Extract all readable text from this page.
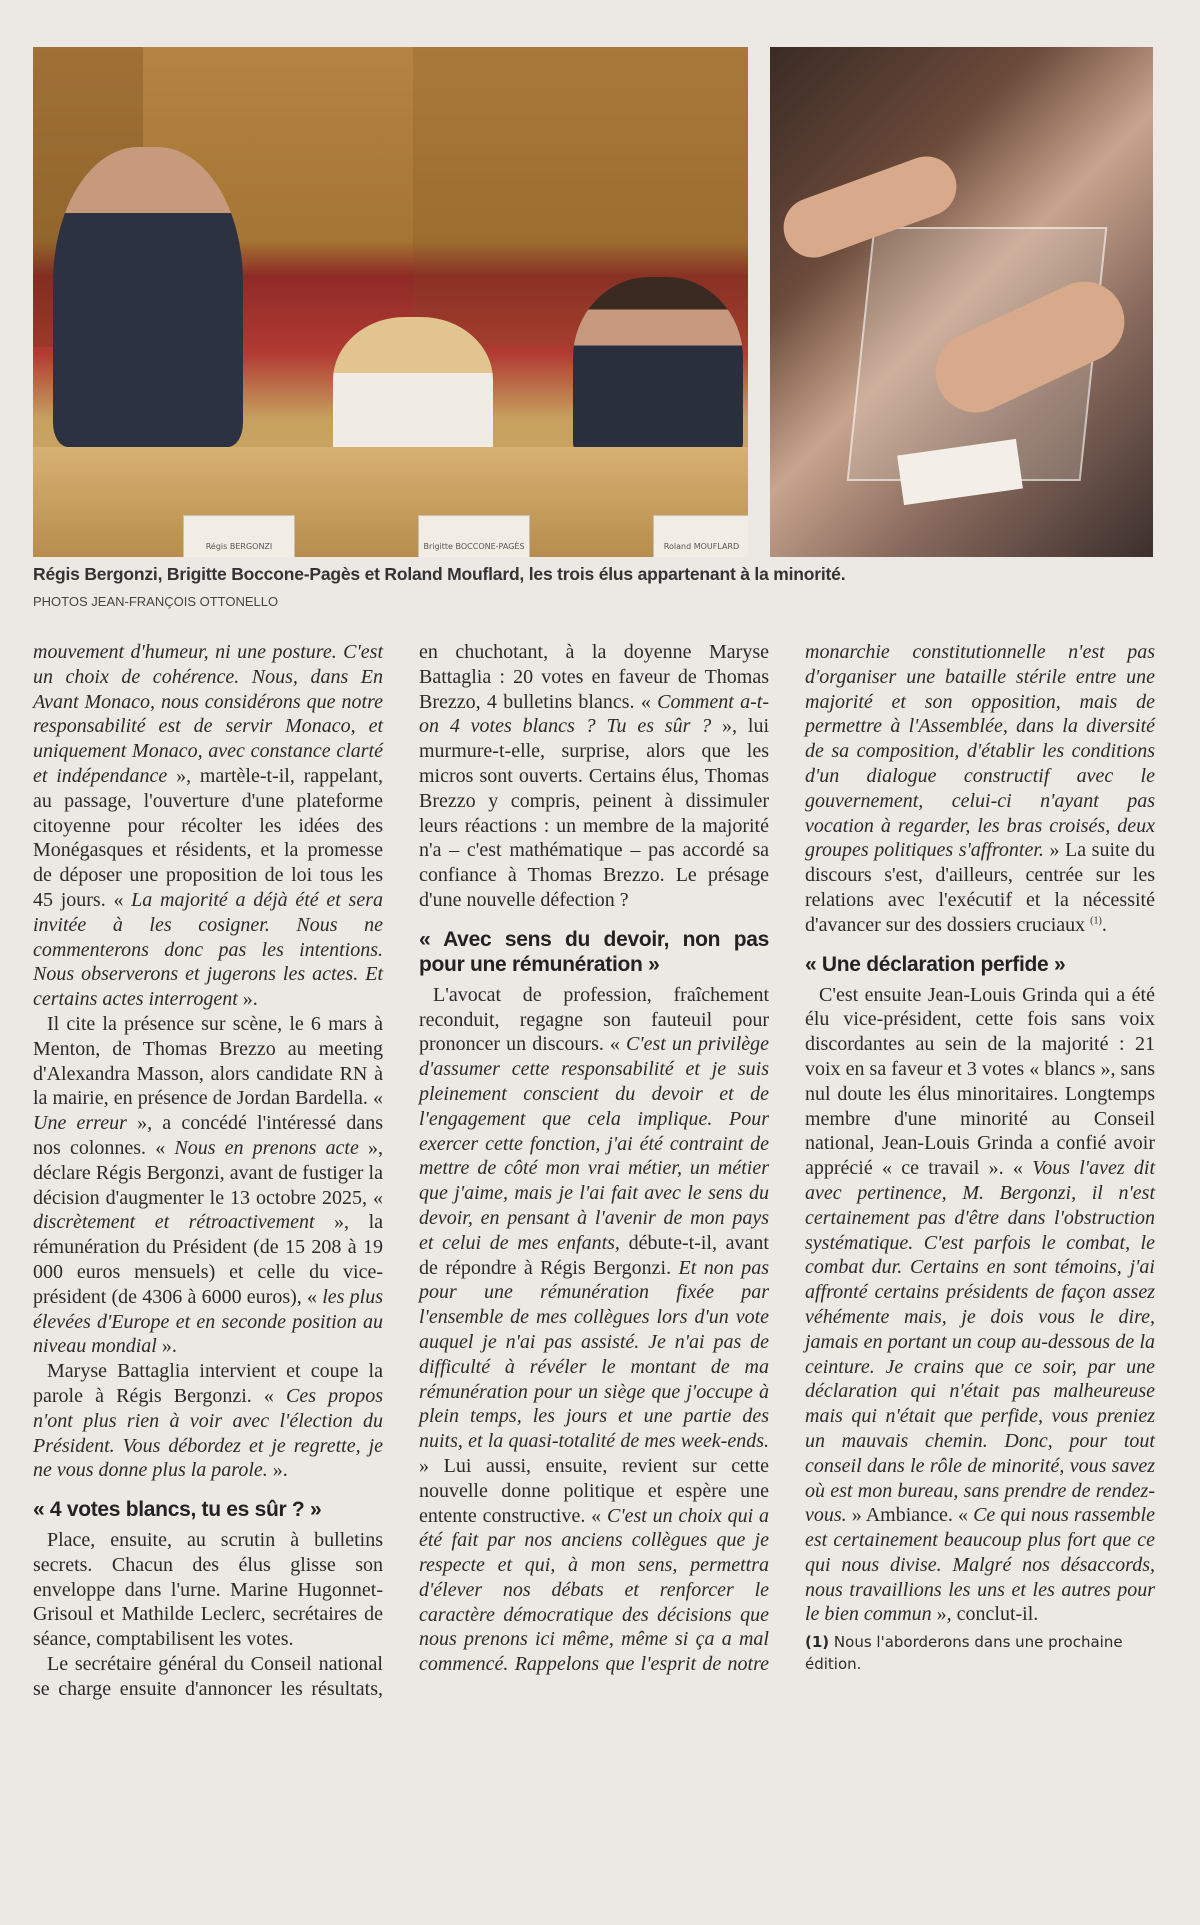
Régis BERGONZI	Brigitte BOCCONE-PAGÈS	Roland MOUFLARD
Régis Bergonzi, Brigitte Boccone-Pagès et Roland Mouflard, les trois élus appartenant à la minorité.
PHOTOS JEAN-FRANÇOIS OTTONELLO

mouvement d'humeur, ni une posture. C'est un choix de cohérence. Nous, dans En Avant Monaco, nous considérons que notre responsabilité est de servir Monaco, et uniquement Monaco, avec constance clarté et indépendance », martèle-t-il, rappelant, au passage, l'ouverture d'une plateforme citoyenne pour récolter les idées des Monégasques et résidents, et la promesse de déposer une proposition de loi tous les 45 jours. « La majorité a déjà été et sera invitée à les cosigner. Nous ne commenterons donc pas les intentions. Nous observerons et jugerons les actes. Et certains actes interrogent ».

Il cite la présence sur scène, le 6 mars à Menton, de Thomas Brezzo au meeting d'Alexandra Masson, alors candidate RN à la mairie, en présence de Jordan Bardella. « Une erreur », a concédé l'intéressé dans nos colonnes. « Nous en prenons acte », déclare Régis Bergonzi, avant de fustiger la décision d'augmenter le 13 octobre 2025, « discrètement et rétroactivement », la rémunération du Président (de 15 208 à 19 000 euros mensuels) et celle du vice-président (de 4306 à 6000 euros), « les plus élevées d'Europe et en seconde position au niveau mondial ».

Maryse Battaglia intervient et coupe la parole à Régis Bergonzi. « Ces propos n'ont plus rien à voir avec l'élection du Président. Vous débordez et je regrette, je ne vous donne plus la parole. ».

« 4 votes blancs, tu es sûr ? »

Place, ensuite, au scrutin à bulletins secrets. Chacun des élus glisse son enveloppe dans l'urne. Marine Hugonnet-Grisoul et Mathilde Leclerc, secrétaires de séance, comptabilisent les votes.

Le secrétaire général du Conseil national se charge ensuite d'annoncer les résultats, en chuchotant, à la doyenne Maryse Battaglia : 20 votes en faveur de Thomas Brezzo, 4 bulletins blancs. « Comment a-t-on 4 votes blancs ? Tu es sûr ? », lui murmure-t-elle, surprise, alors que les micros sont ouverts. Certains élus, Thomas Brezzo y compris, peinent à dissimuler leurs réactions : un membre de la majorité n'a – c'est mathématique – pas accordé sa confiance à Thomas Brezzo. Le présage d'une nouvelle défection ?

« Avec sens du devoir, non pas pour une rémunération »

L'avocat de profession, fraîchement reconduit, regagne son fauteuil pour prononcer un discours. « C'est un privilège d'assumer cette responsabilité et je suis pleinement conscient du devoir et de l'engagement que cela implique. Pour exercer cette fonction, j'ai été contraint de mettre de côté mon vrai métier, un métier que j'aime, mais je l'ai fait avec le sens du devoir, en pensant à l'avenir de mon pays et celui de mes enfants, débute-t-il, avant de répondre à Régis Bergonzi. Et non pas pour une rémunération fixée par l'ensemble de mes collègues lors d'un vote auquel je n'ai pas assisté. Je n'ai pas de difficulté à révéler le montant de ma rémunération pour un siège que j'occupe à plein temps, les jours et une partie des nuits, et la quasi-totalité de mes week-ends. » Lui aussi, ensuite, revient sur cette nouvelle donne politique et espère une entente constructive. « C'est un choix qui a été fait par nos anciens collègues que je respecte et qui, à mon sens, permettra d'élever nos débats et renforcer le caractère démocratique des décisions que nous prenons ici même, même si ça a mal commencé. Rappelons que l'esprit de notre monarchie constitutionnelle n'est pas d'organiser une bataille stérile entre une majorité et son opposition, mais de permettre à l'Assemblée, dans la diversité de sa composition, d'établir les conditions d'un dialogue constructif avec le gouvernement, celui-ci n'ayant pas vocation à regarder, les bras croisés, deux groupes politiques s'affronter. » La suite du discours s'est, d'ailleurs, centrée sur les relations avec l'exécutif et la nécessité d'avancer sur des dossiers cruciaux $^{(1)}$.

« Une déclaration perfide »

C'est ensuite Jean-Louis Grinda qui a été élu vice-président, cette fois sans voix discordantes au sein de la majorité : 21 voix en sa faveur et 3 votes « blancs », sans nul doute les élus minoritaires. Longtemps membre d'une minorité au Conseil national, Jean-Louis Grinda a confié avoir apprécié « ce travail ». « Vous l'avez dit avec pertinence, M. Bergonzi, il n'est certainement pas d'être dans l'obstruction systématique. C'est parfois le combat, le combat dur. Certains en sont témoins, j'ai affronté certains présidents de façon assez véhémente mais, je dois vous le dire, jamais en portant un coup au-dessous de la ceinture. Je crains que ce soir, par une déclaration qui n'était pas malheureuse mais qui n'était que perfide, vous preniez un mauvais chemin. Donc, pour tout conseil dans le rôle de minorité, vous savez où est mon bureau, sans prendre de rendez-vous. » Ambiance. « Ce qui nous rassemble est certainement beaucoup plus fort que ce qui nous divise. Malgré nos désaccords, nous travaillions les uns et les autres pour le bien commun », conclut-il.

(1) Nous l'aborderons dans une prochaine édition.
